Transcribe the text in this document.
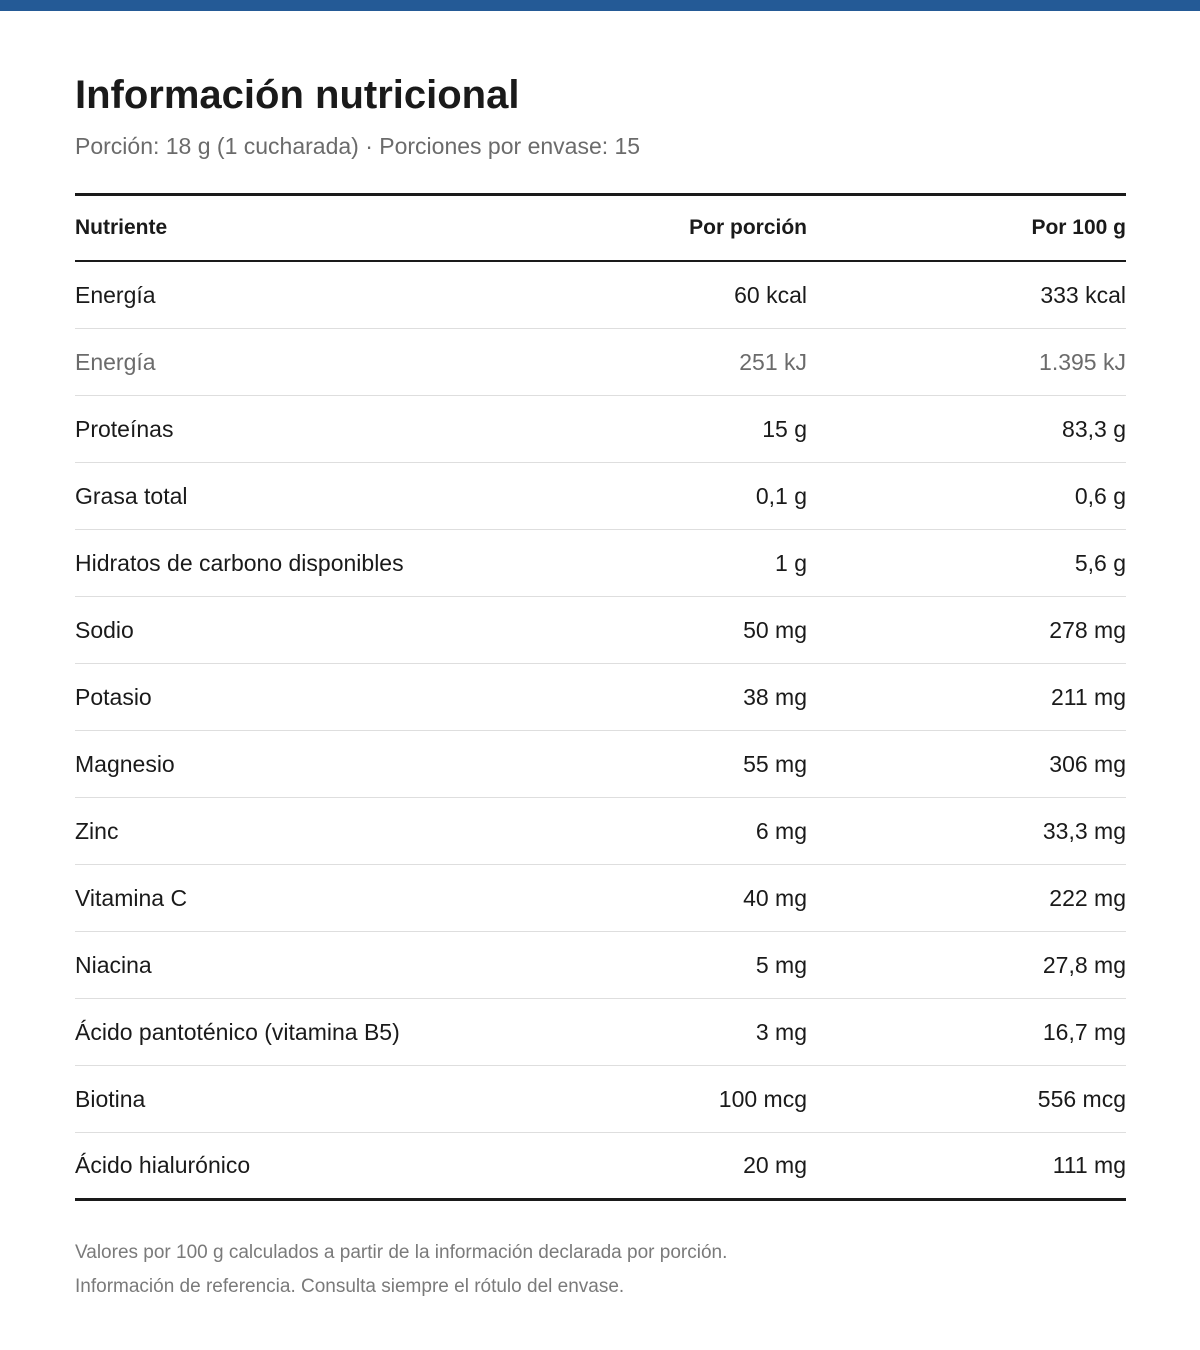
Información nutricional
Porción: 18 g (1 cucharada) · Porciones por envase: 15
Nutriente	Por porción	Por 100 g
Energía	60 kcal	333 kcal
Energía	251 kJ	1.395 kJ
Proteínas	15 g	83,3 g
Grasa total	0,1 g	0,6 g
Hidratos de carbono disponibles	1 g	5,6 g
Sodio	50 mg	278 mg
Potasio	38 mg	211 mg
Magnesio	55 mg	306 mg
Zinc	6 mg	33,3 mg
Vitamina C	40 mg	222 mg
Niacina	5 mg	27,8 mg
Ácido pantoténico (vitamina B5)	3 mg	16,7 mg
Biotina	100 mcg	556 mcg
Ácido hialurónico	20 mg	111 mg
Valores por 100 g calculados a partir de la información declarada por porción.
Información de referencia. Consulta siempre el rótulo del envase.
